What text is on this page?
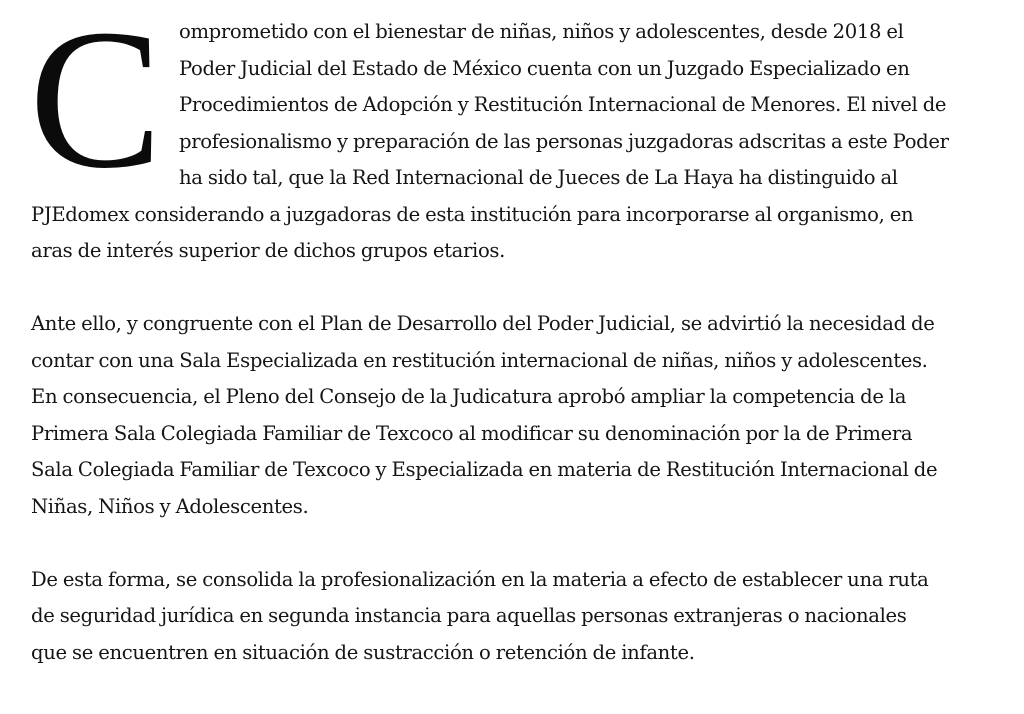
C omprometido con el bienestar de niñas, niños y adolescentes, desde 2018 el
Poder Judicial del Estado de México cuenta con un Juzgado Especializado en
Procedimientos de Adopción y Restitución Internacional de Menores. El nivel de
profesionalismo y preparación de las personas juzgadoras adscritas a este Poder
ha sido tal, que la Red Internacional de Jueces de La Haya ha distinguido al
PJEdomex considerando a juzgadoras de esta institución para incorporarse al organismo, en
aras de interés superior de dichos grupos etarios.
Ante ello, y congruente con el Plan de Desarrollo del Poder Judicial, se advirtió la necesidad de
contar con una Sala Especializada en restitución internacional de niñas, niños y adolescentes.
En consecuencia, el Pleno del Consejo de la Judicatura aprobó ampliar la competencia de la
Primera Sala Colegiada Familiar de Texcoco al modificar su denominación por la de Primera
Sala Colegiada Familiar de Texcoco y Especializada en materia de Restitución Internacional de
Niñas, Niños y Adolescentes.
De esta forma, se consolida la profesionalización en la materia a efecto de establecer una ruta
de seguridad jurídica en segunda instancia para aquellas personas extranjeras o nacionales
que se encuentren en situación de sustracción o retención de infante.
